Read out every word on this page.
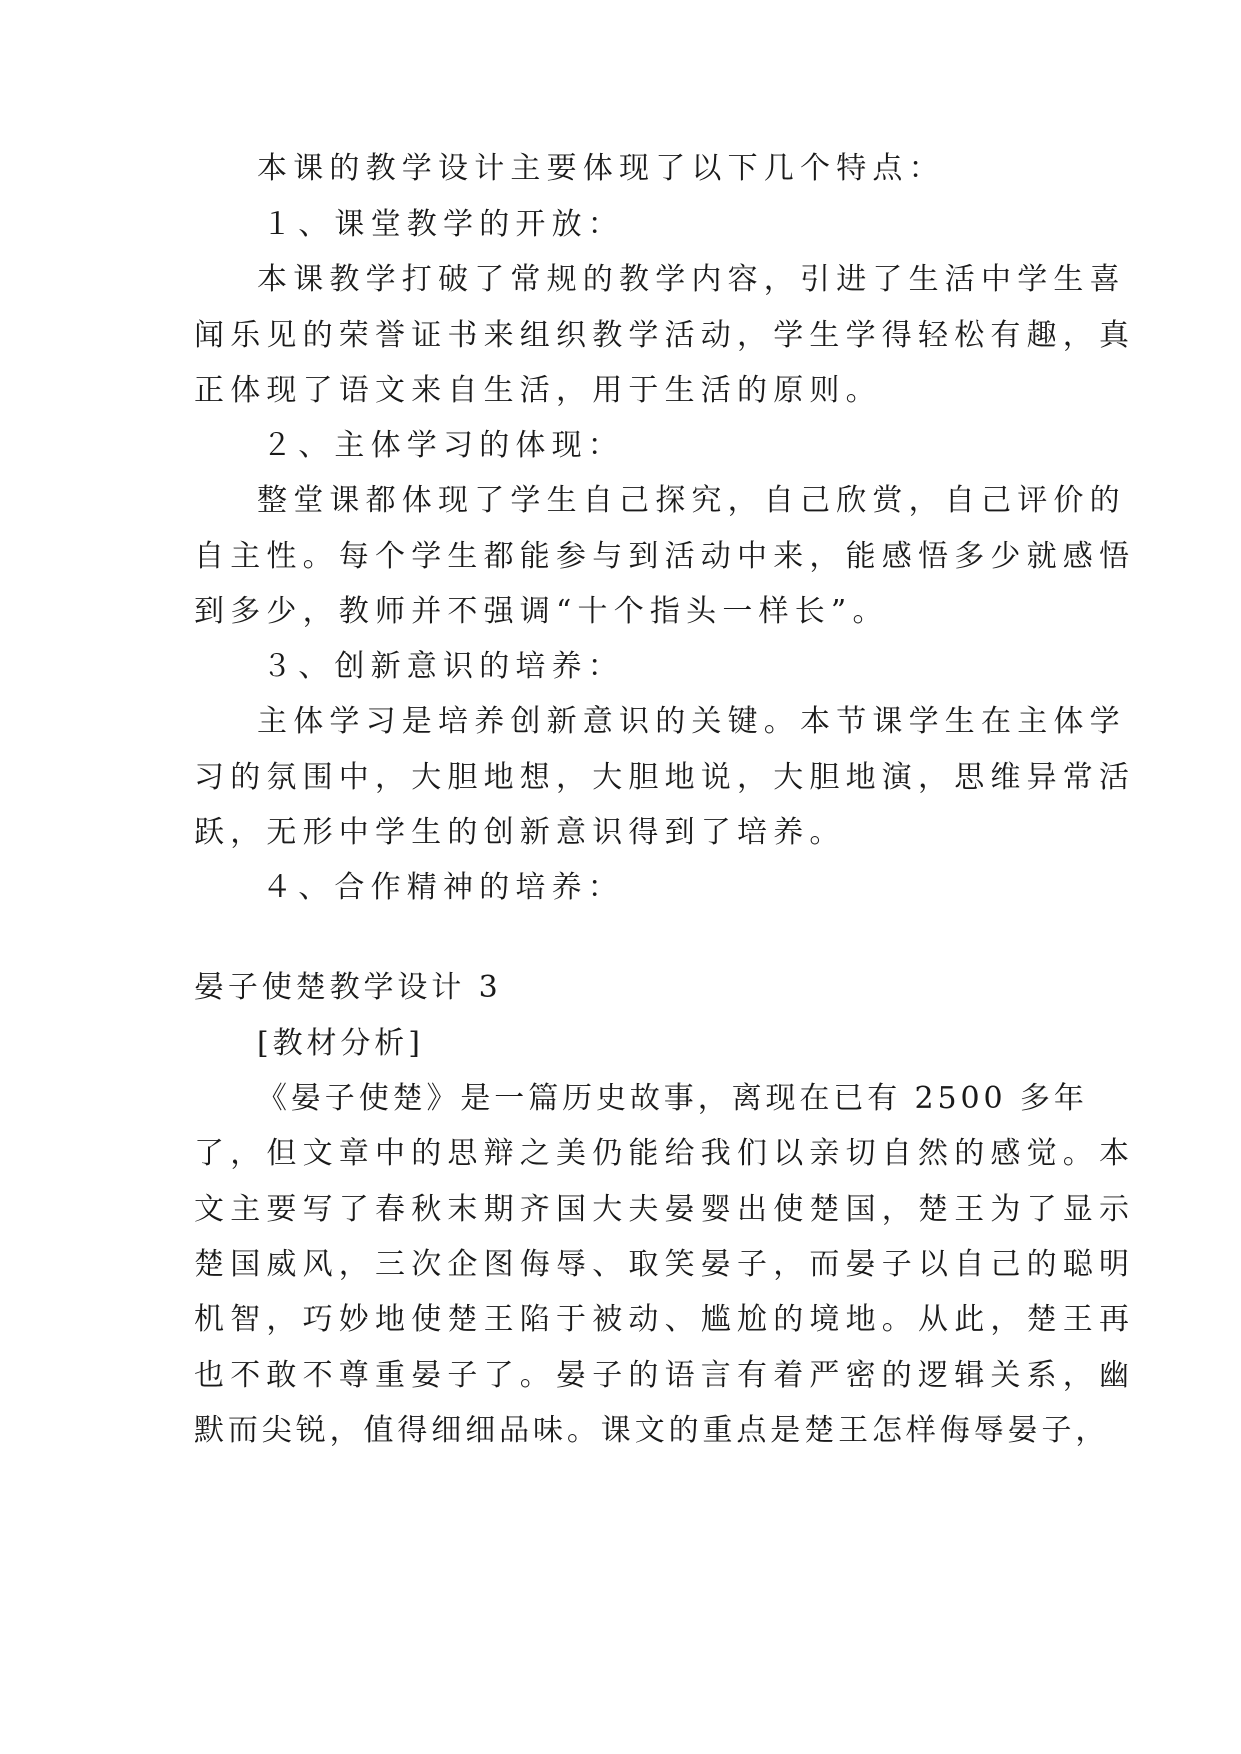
本课的教学设计主要体现了以下几个特点：
１、课堂教学的开放：
本课教学打破了常规的教学内容，引进了生活中学生喜
闻乐见的荣誉证书来组织教学活动，学生学得轻松有趣，真
正体现了语文来自生活，用于生活的原则。
２、主体学习的体现：
整堂课都体现了学生自己探究，自己欣赏，自己评价的
自主性。每个学生都能参与到活动中来，能感悟多少就感悟
到多少，教师并不强调“十个指头一样长”。
３、创新意识的培养：
主体学习是培养创新意识的关键。本节课学生在主体学
习的氛围中，大胆地想，大胆地说，大胆地演，思维异常活
跃，无形中学生的创新意识得到了培养。
４、合作精神的培养：
晏子使楚教学设计 3
[教材分析]
《晏子使楚》是一篇历史故事，离现在已有 2500 多年
了，但文章中的思辩之美仍能给我们以亲切自然的感觉。本
文主要写了春秋末期齐国大夫晏婴出使楚国，楚王为了显示
楚国威风，三次企图侮辱、取笑晏子，而晏子以自己的聪明
机智，巧妙地使楚王陷于被动、尴尬的境地。从此，楚王再
也不敢不尊重晏子了。晏子的语言有着严密的逻辑关系，幽
默而尖锐，值得细细品味。课文的重点是楚王怎样侮辱晏子，
